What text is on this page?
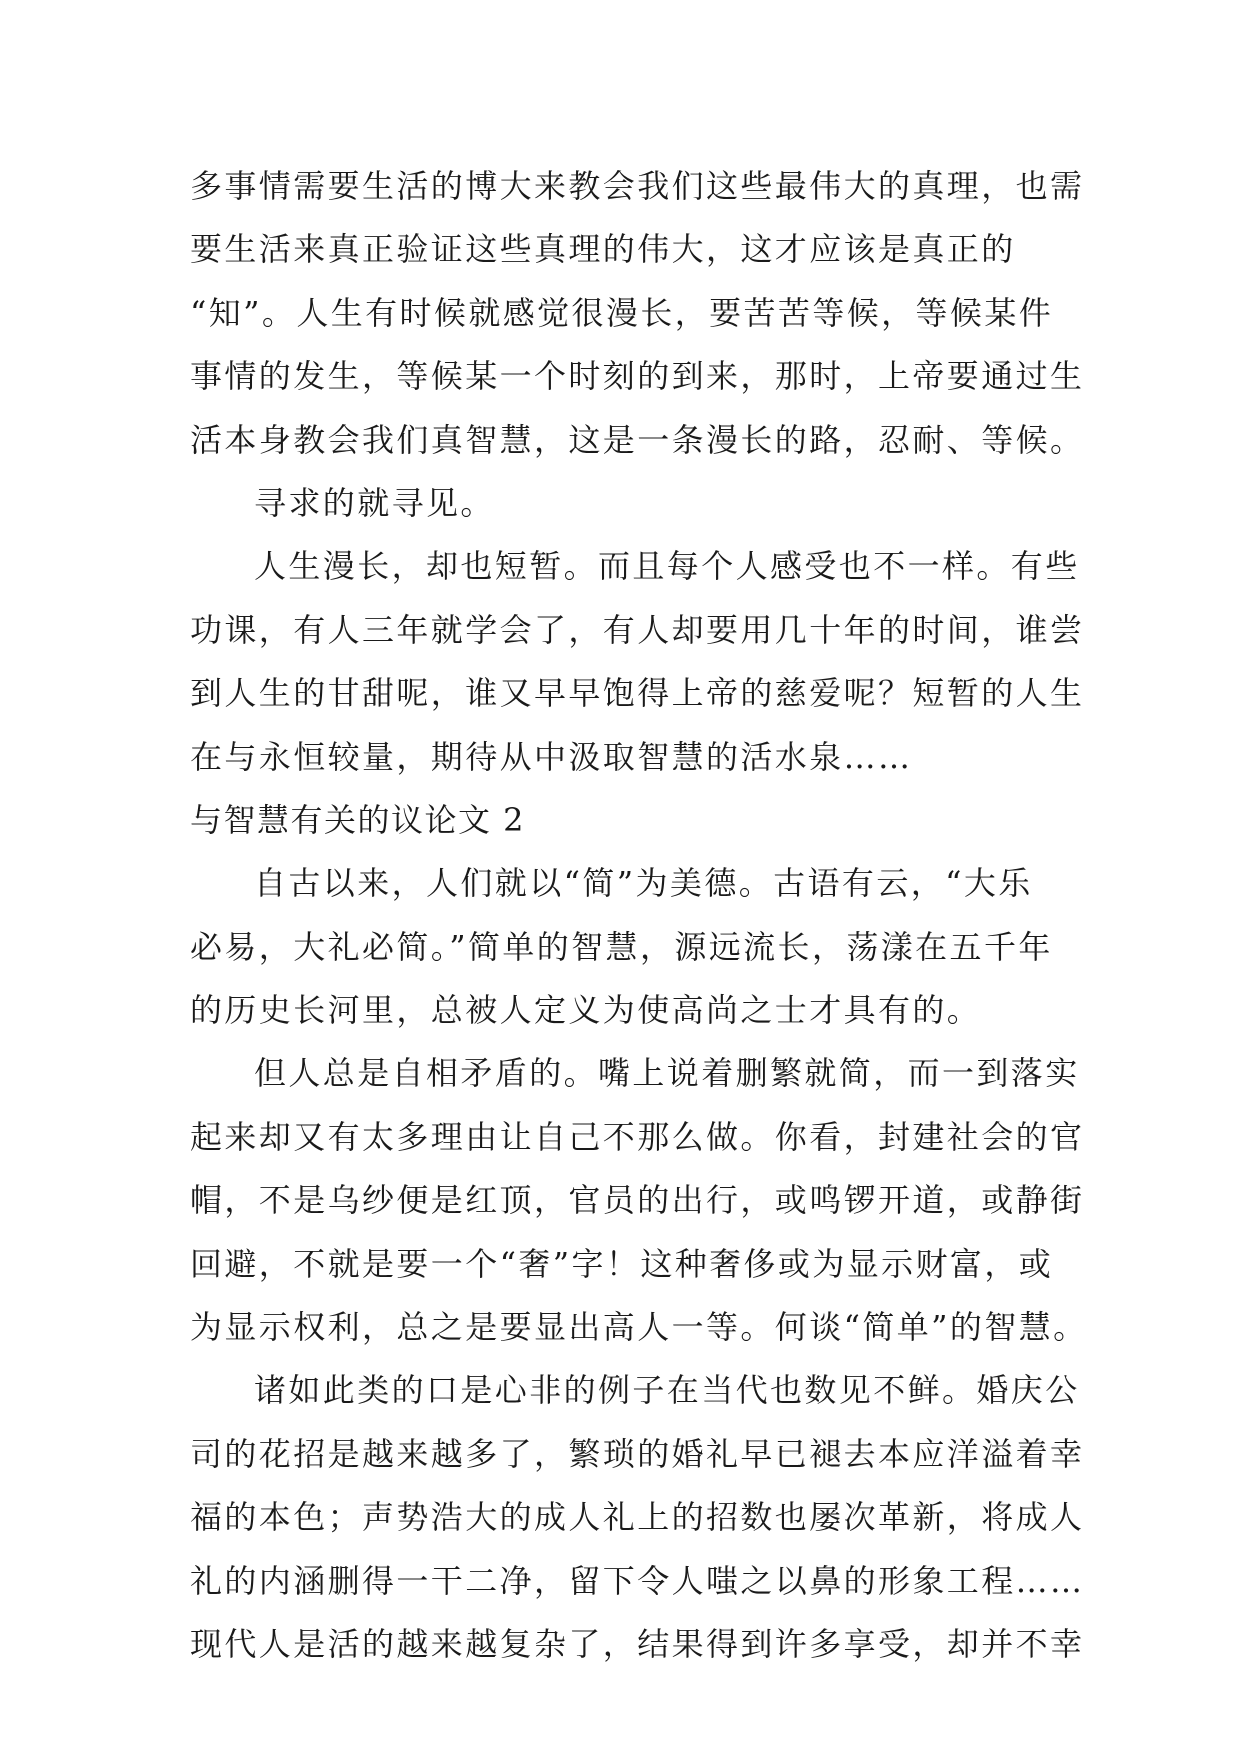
多事情需要生活的博大来教会我们这些最伟大的真理，也需
要生活来真正验证这些真理的伟大，这才应该是真正的
“知”。人生有时候就感觉很漫长，要苦苦等候，等候某件
事情的发生，等候某一个时刻的到来，那时，上帝要通过生
活本身教会我们真智慧，这是一条漫长的路，忍耐、等候。
寻求的就寻见。
人生漫长，却也短暂。而且每个人感受也不一样。有些
功课，有人三年就学会了，有人却要用几十年的时间，谁尝
到人生的甘甜呢，谁又早早饱得上帝的慈爱呢？短暂的人生
在与永恒较量，期待从中汲取智慧的活水泉……
与智慧有关的议论文 2
自古以来，人们就以“简”为美德。古语有云，“大乐
必易，大礼必简。”简单的智慧，源远流长，荡漾在五千年
的历史长河里，总被人定义为使高尚之士才具有的。
但人总是自相矛盾的。嘴上说着删繁就简，而一到落实
起来却又有太多理由让自己不那么做。你看，封建社会的官
帽，不是乌纱便是红顶，官员的出行，或鸣锣开道，或静街
回避，不就是要一个“奢”字！这种奢侈或为显示财富，或
为显示权利，总之是要显出高人一等。何谈“简单”的智慧。
诸如此类的口是心非的例子在当代也数见不鲜。婚庆公
司的花招是越来越多了，繁琐的婚礼早已褪去本应洋溢着幸
福的本色；声势浩大的成人礼上的招数也屡次革新，将成人
礼的内涵删得一干二净，留下令人嗤之以鼻的形象工程……
现代人是活的越来越复杂了，结果得到许多享受，却并不幸
